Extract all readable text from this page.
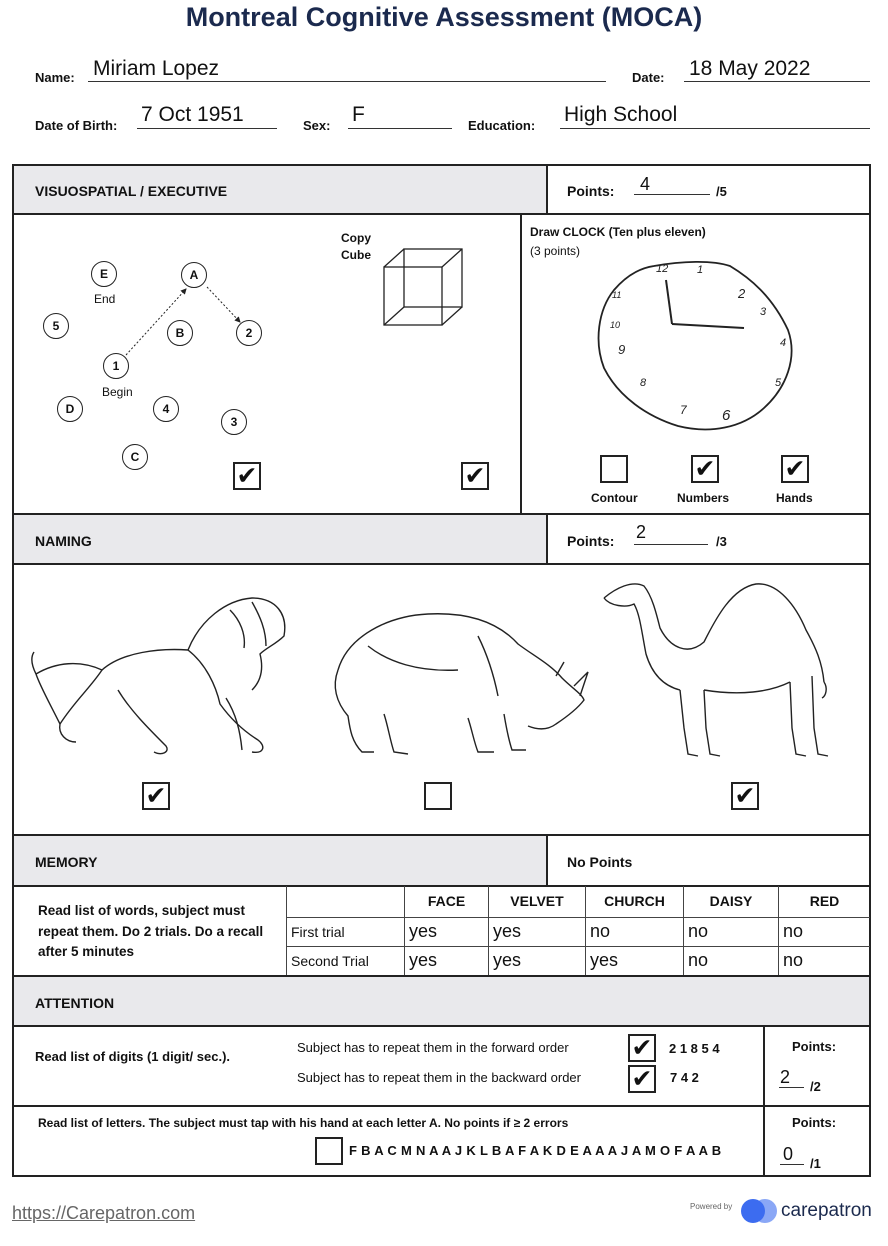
Montreal Cognitive Assessment (MOCA)
Name: Miriam Lopez	Date: 18 May 2022
Date of Birth: 7 Oct 1951	Sex: F	Education: High School
VISUOSPATIAL / EXECUTIVE	Points: 4	/5
E
End
A
5	B	2
1
Begin
D	4
3
C
Copy
Cube
✔	✔
Draw CLOCK (Ten plus eleven)
(3 points)
12	1
2
3
4
5
6
7
8
9
10
11
Contour
✔
Numbers
✔
Hands
NAMING	Points: 2	/3
✔	✔
MEMORY	No Points
Read list of words, subject must repeat them. Do 2 trials. Do a recall after 5 minutes
	FACE	VELVET	CHURCH	DAISY	RED
First trial	yes	yes	no	no	no
Second Trial	yes	yes	yes	no	no
ATTENTION
Read list of digits (1 digit/ sec.).
Subject has to repeat them in the forward order	✔ 2 1 8 5 4
Subject has to repeat them in the backward order ✔ 7 4 2
Points:
2 /2
Read list of letters. The subject must tap with his hand at each letter A. No points if ≥ 2 errors
F B A C M N A A J K L B A F A K D E A A A J A M O F A A B
Points:
0 /1
https://Carepatron.com	Powered by	carepatron
